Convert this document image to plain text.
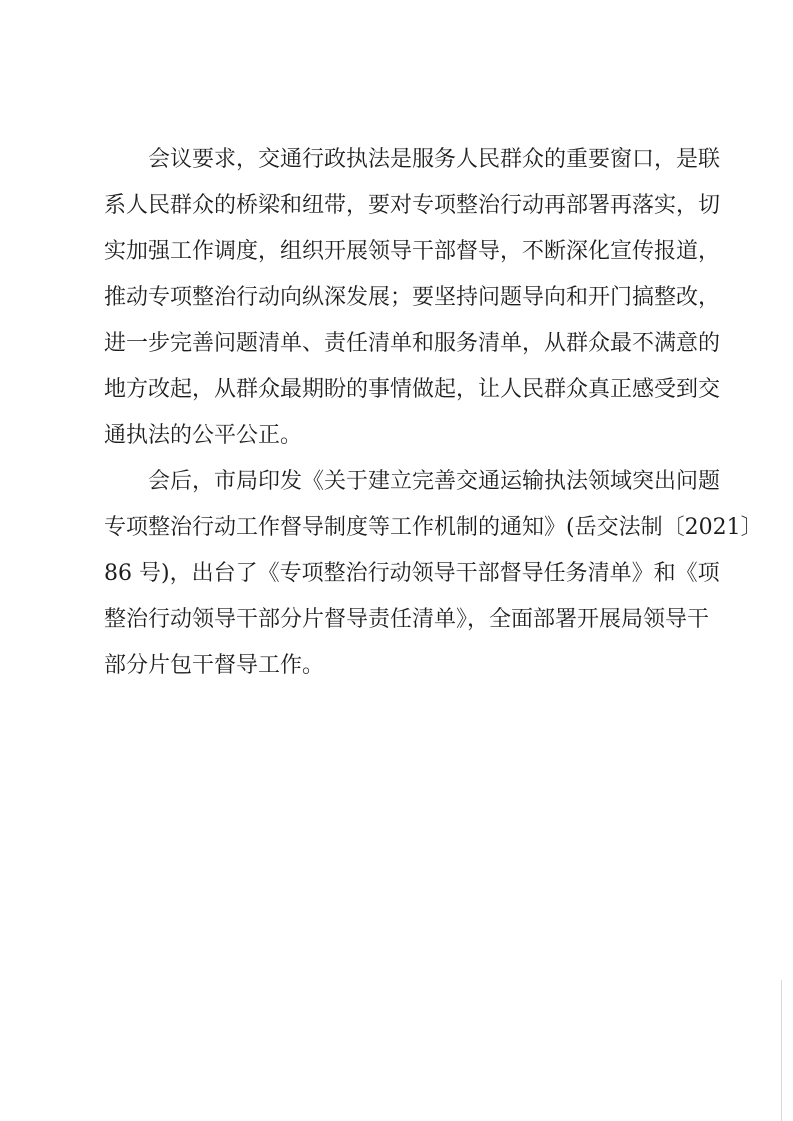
会议要求，交通行政执法是服务人民群众的重要窗口，是联
系人民群众的桥梁和纽带，要对专项整治行动再部署再落实，切
实加强工作调度，组织开展领导干部督导，不断深化宣传报道，
推动专项整治行动向纵深发展；要坚持问题导向和开门搞整改，
进一步完善问题清单、责任清单和服务清单，从群众最不满意的
地方改起，从群众最期盼的事情做起，让人民群众真正感受到交
通执法的公平公正。
会后，市局印发《关于建立完善交通运输执法领域突出问题
专项整治行动工作督导制度等工作机制的通知》(岳交法制〔2021〕
86 号)，出台了《专项整治行动领导干部督导任务清单》和《项
整治行动领导干部分片督导责任清单》，全面部署开展局领导干
部分片包干督导工作。
